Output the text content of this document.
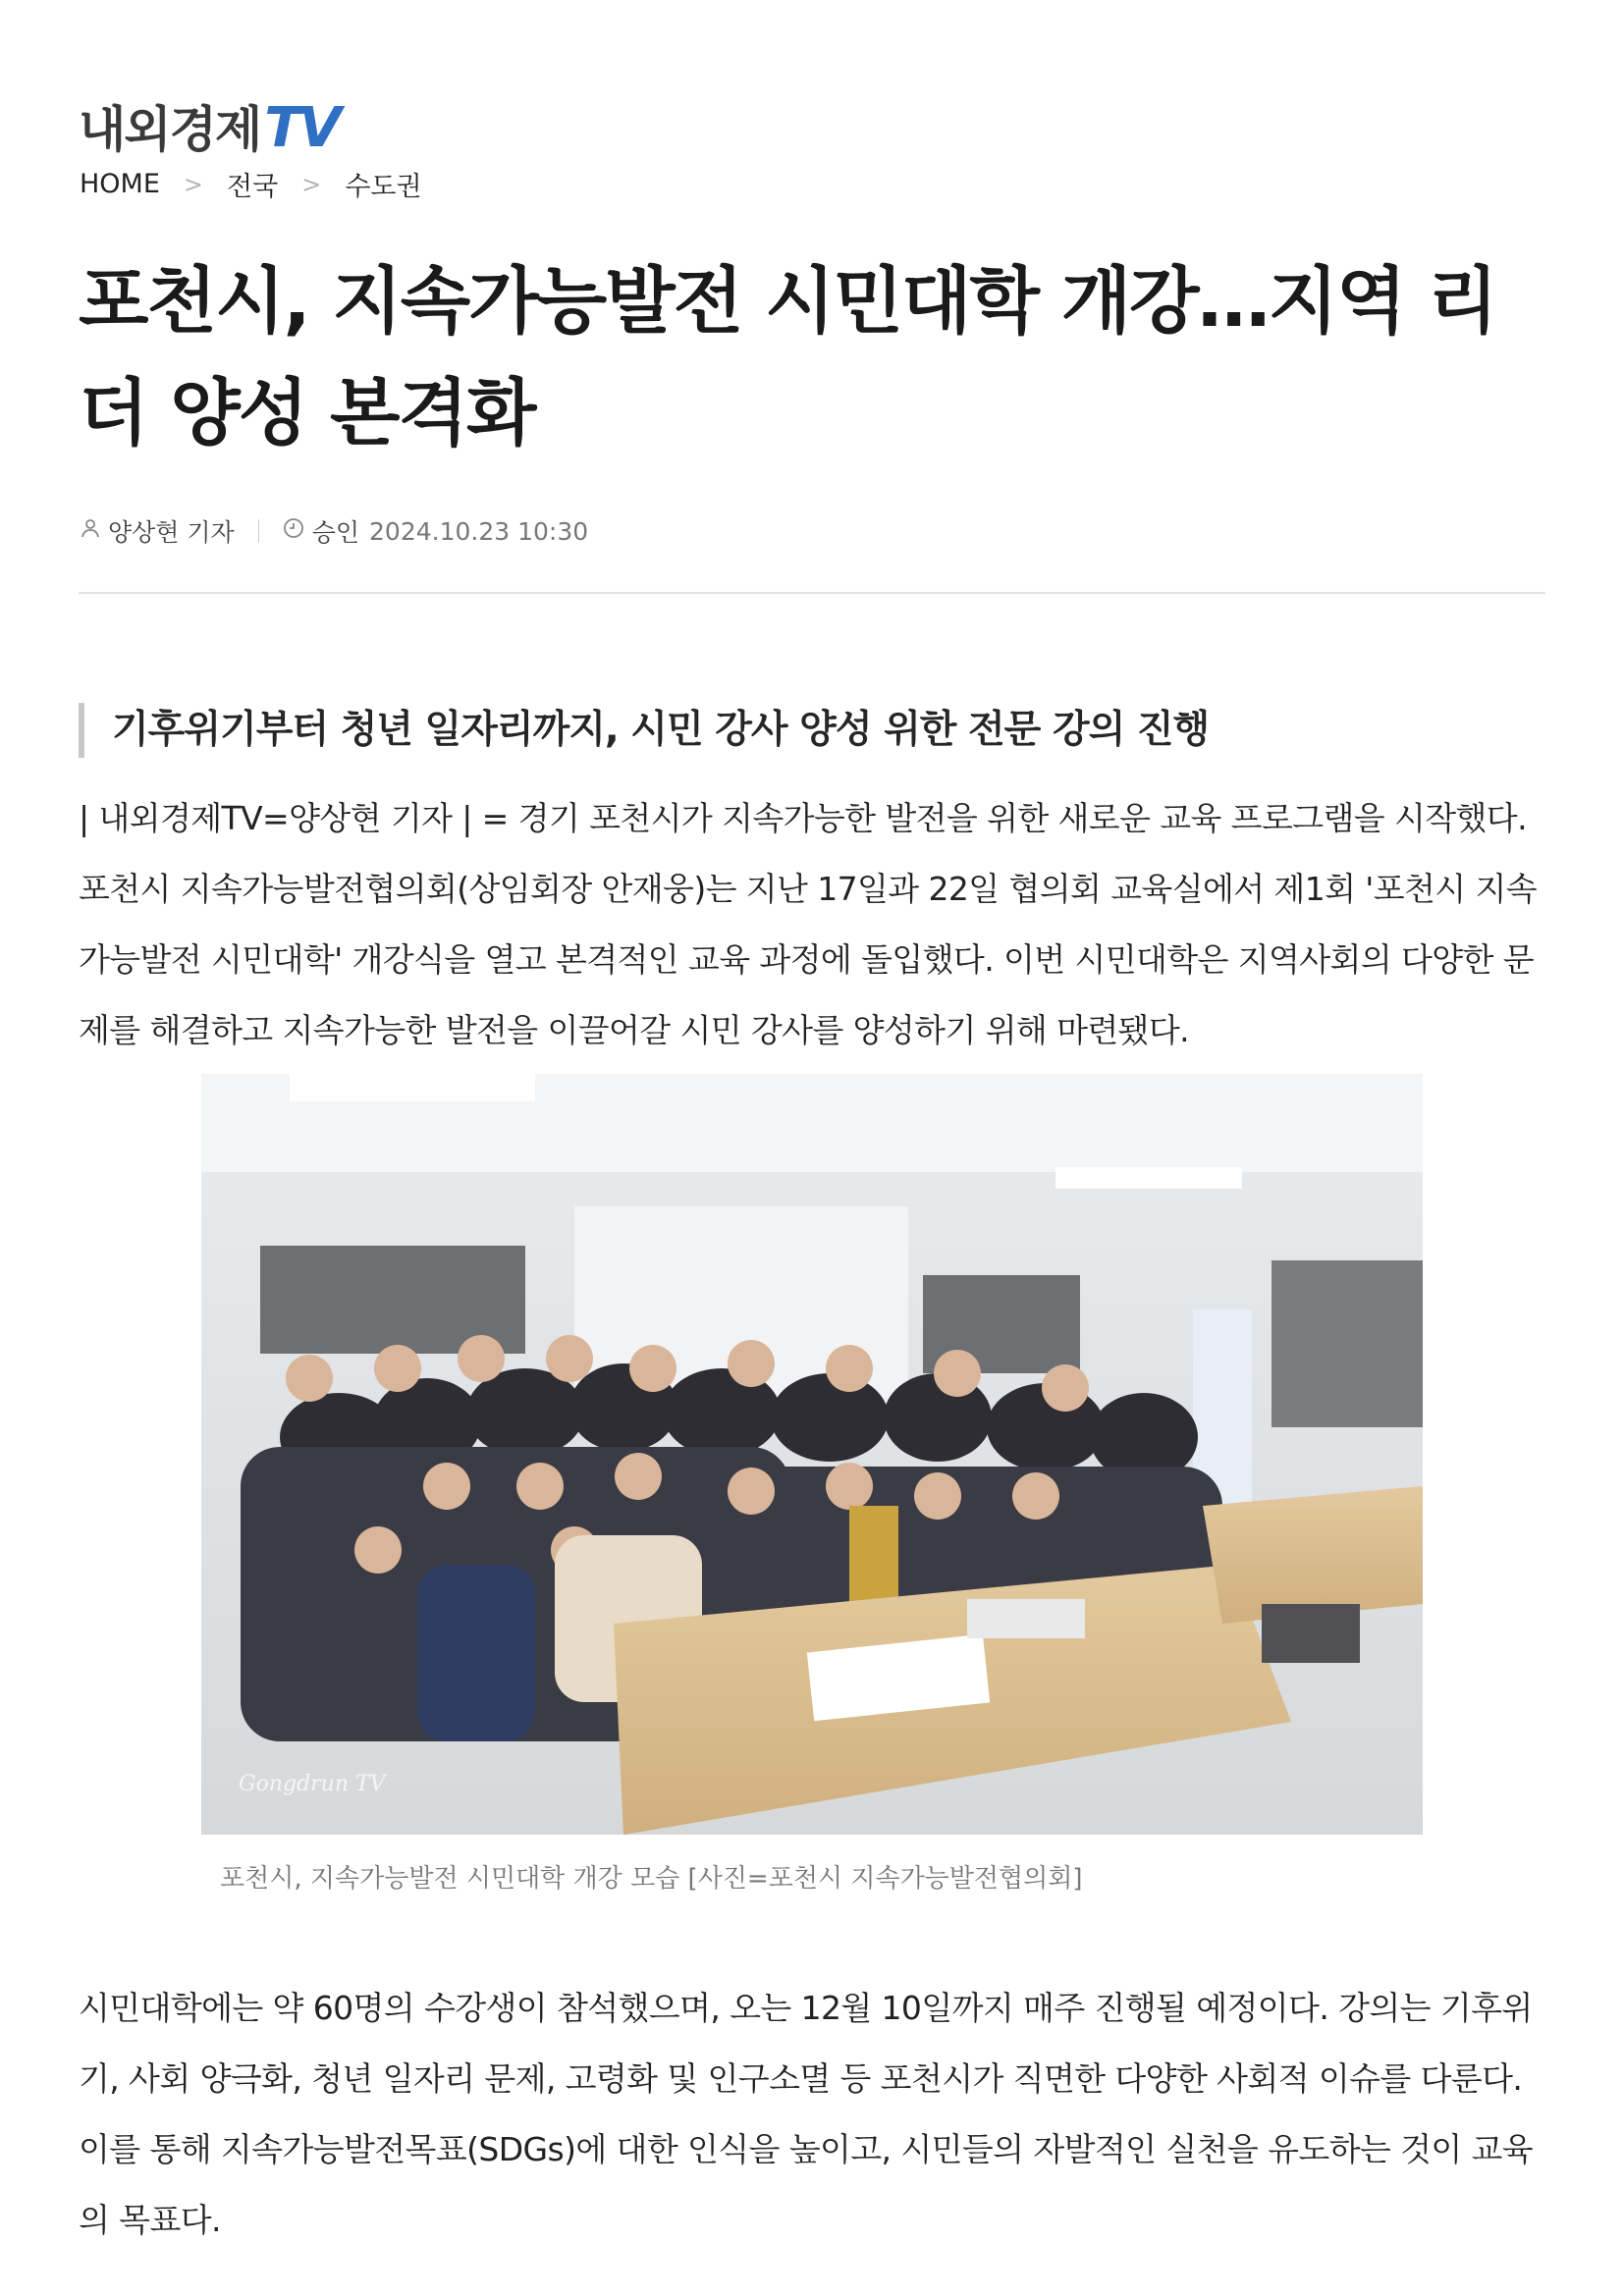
내외경제 TV
HOME > 전국 > 수도권
포천시, 지속가능발전 시민대학 개강…지역 리더 양성 본격화
양상현 기자	승인 2024.10.23 10:30
기후위기부터 청년 일자리까지, 시민 강사 양성 위한 전문 강의 진행

| 내외경제TV=양상현 기자 | = 경기 포천시가 지속가능한 발전을 위한 새로운 교육 프로그램을 시작했다. 포천시 지속가능발전협의회(상임회장 안재웅)는 지난 17일과 22일 협의회 교육실에서 제1회 '포천시 지속가능발전 시민대학' 개강식을 열고 본격적인 교육 과정에 돌입했다. 이번 시민대학은 지역사회의 다양한 문제를 해결하고 지속가능한 발전을 이끌어갈 시민 강사를 양성하기 위해 마련됐다.

Gongdrun TV
포천시, 지속가능발전 시민대학 개강 모습 [사진=포천시 지속가능발전협의회]

시민대학에는 약 60명의 수강생이 참석했으며, 오는 12월 10일까지 매주 진행될 예정이다. 강의는 기후위기, 사회 양극화, 청년 일자리 문제, 고령화 및 인구소멸 등 포천시가 직면한 다양한 사회적 이슈를 다룬다. 이를 통해 지속가능발전목표(SDGs)에 대한 인식을 높이고, 시민들의 자발적인 실천을 유도하는 것이 교육의 목표다.
